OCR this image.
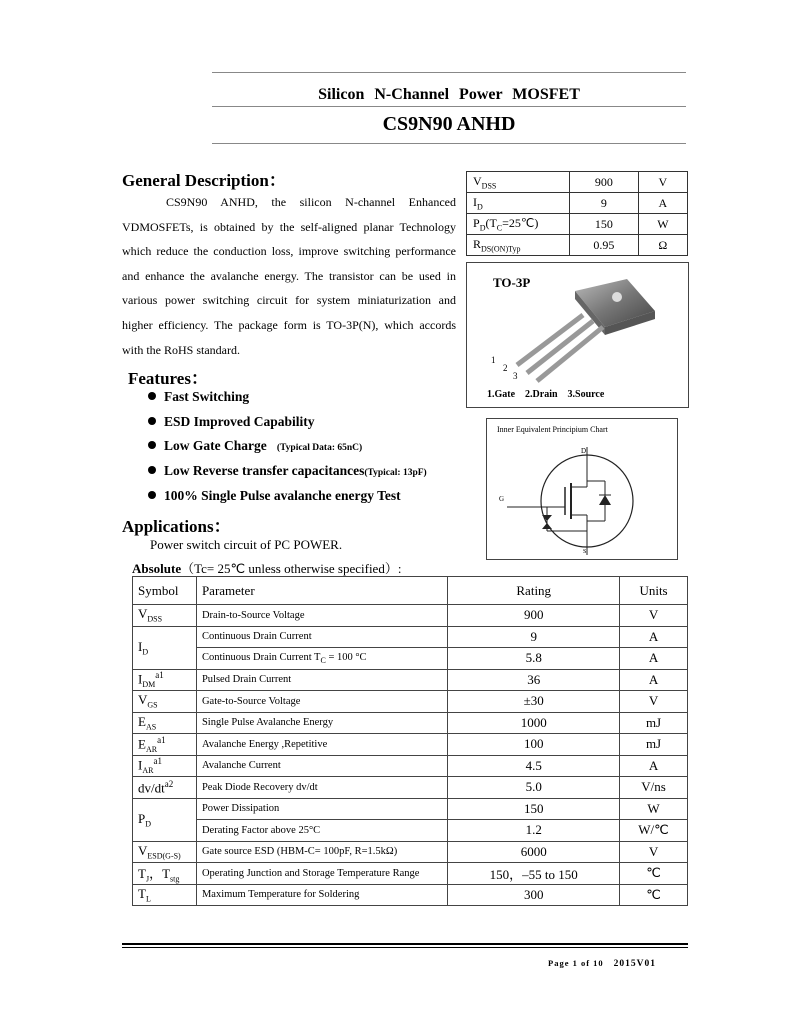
Silicon N-Channel Power MOSFET
CS9N90 ANHD
General Description：
CS9N90 ANHD, the silicon N-channel Enhanced VDMOSFETs, is obtained by the self-aligned planar Technology which reduce the conduction loss, improve switching performance and enhance the avalanche energy. The transistor can be used in various power switching circuit for system miniaturization and higher efficiency. The package form is TO-3P(N), which accords with the RoHS standard.
$V_{DSS}$	900	V
$I_D$	9	A
$P_D(T_C=25℃)$	150	W
$R_{DS(ON)Typ}$	0.95	Ω
TO-3P
1
2
3
1.Gate    2.Drain    3.Source
Inner Equivalent Principium Chart
D
G
S
Features：
Fast Switching
ESD Improved Capability
Low Gate Charge (Typical Data: 65nC)
Low Reverse transfer capacitances(Typical: 13pF)
100% Single Pulse avalanche energy Test
Applications：
Power switch circuit of PC POWER.
Absolute（Tc= 25℃ unless otherwise specified）:
Symbol	Parameter	Rating	Units
$V_{DSS}$	Drain-to-Source Voltage	900	V
$I_D$	Continuous Drain Current	9	A
	Continuous Drain Current $T_C = 100$ °C	5.8	A
$I_{DM}^{a1}$	Pulsed Drain Current	36	A
$V_{GS}$	Gate-to-Source Voltage	±30	V
$E_{AS}$	Single Pulse Avalanche Energy	1000	mJ
$E_{AR}^{a1}$	Avalanche Energy ,Repetitive	100	mJ
$I_{AR}^{a1}$	Avalanche Current	4.5	A
$dv/dt^{a2}$	Peak Diode Recovery dv/dt	5.0	V/ns
$P_D$	Power Dissipation	150	W
	Derating Factor above 25°C	1.2	W/℃
$V_{ESD(G-S)}$	Gate source ESD (HBM-C= 100pF, R=1.5kΩ)	6000	V
$T_J$，$T_{stg}$	Operating Junction and Storage Temperature Range	150，–55 to 150	℃
$T_L$	Maximum Temperature for Soldering	300	℃
Page 1 of 10 2015V01
